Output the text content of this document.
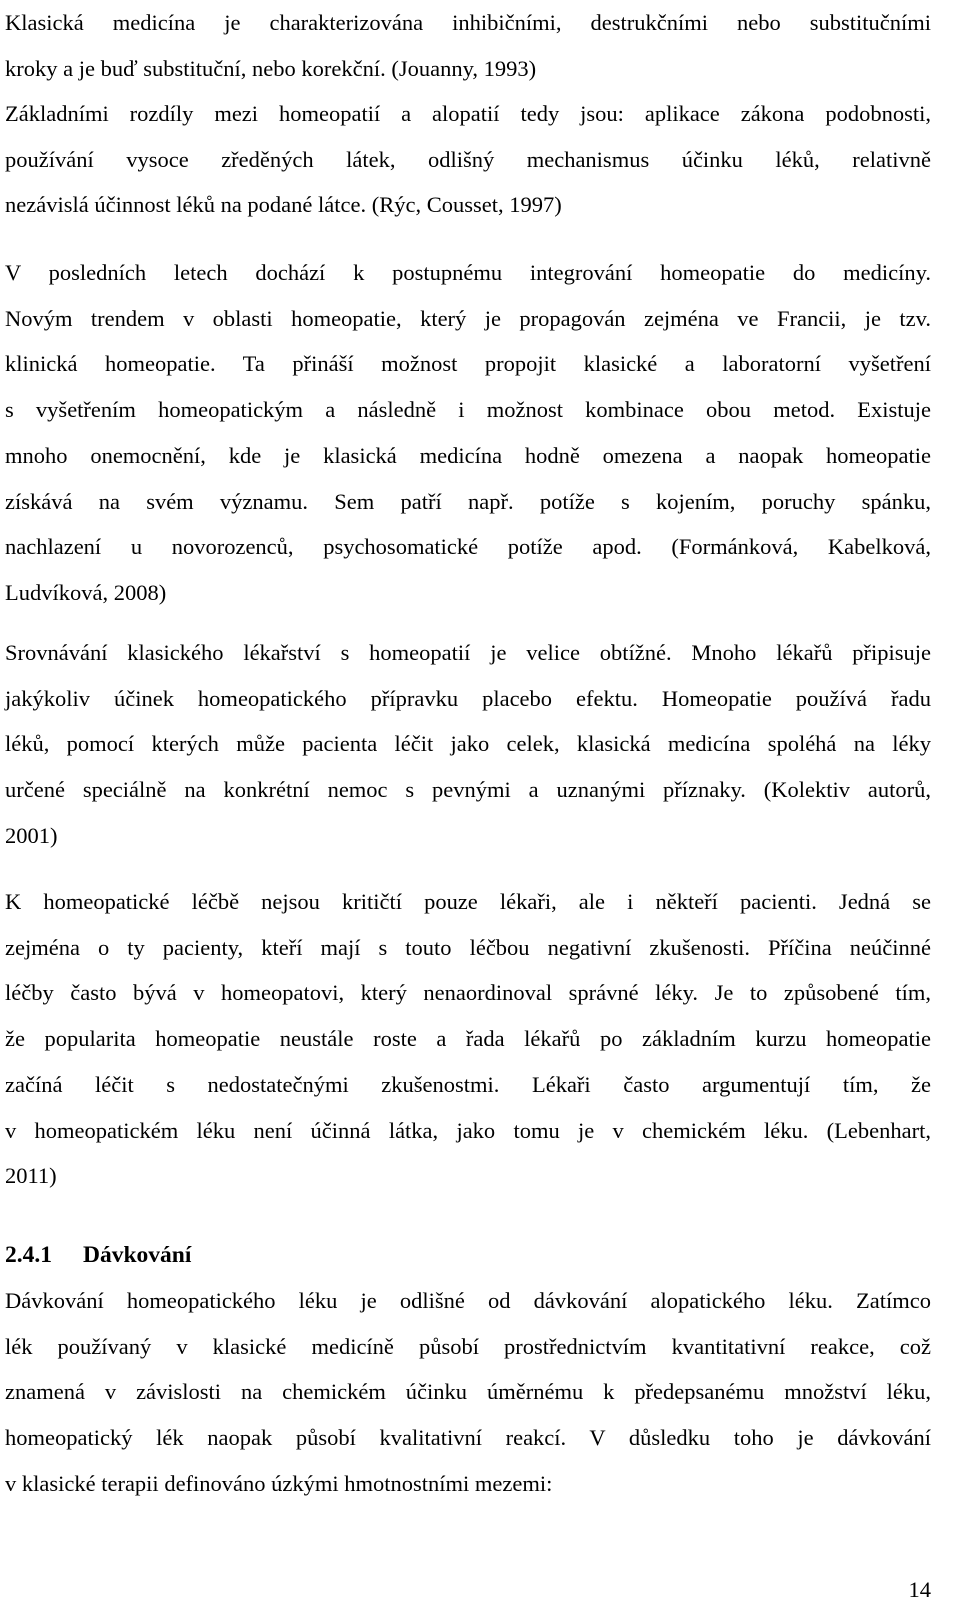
Klasická medicína je charakterizována inhibičními, destrukčními nebo substitučními
kroky a je buď substituční, nebo korekční. (Jouanny, 1993)
Základními rozdíly mezi homeopatií a alopatií tedy jsou: aplikace zákona podobnosti,
používání vysoce zředěných látek, odlišný mechanismus účinku léků, relativně
nezávislá účinnost léků na podané látce. (Rýc, Cousset, 1997)
V posledních letech dochází k postupnému integrování homeopatie do medicíny.
Novým trendem v oblasti homeopatie, který je propagován zejména ve Francii, je tzv.
klinická homeopatie. Ta přináší možnost propojit klasické a laboratorní vyšetření
s vyšetřením homeopatickým a následně i možnost kombinace obou metod. Existuje
mnoho onemocnění, kde je klasická medicína hodně omezena a naopak homeopatie
získává na svém významu. Sem patří např. potíže s kojením, poruchy spánku,
nachlazení u novorozenců, psychosomatické potíže apod. (Formánková, Kabelková,
Ludvíková, 2008)
Srovnávání klasického lékařství s homeopatií je velice obtížné. Mnoho lékařů připisuje
jakýkoliv účinek homeopatického přípravku placebo efektu. Homeopatie používá řadu
léků, pomocí kterých může pacienta léčit jako celek, klasická medicína spoléhá na léky
určené speciálně na konkrétní nemoc s pevnými a uznanými příznaky. (Kolektiv autorů,
2001)
K homeopatické léčbě nejsou kritičtí pouze lékaři, ale i někteří pacienti. Jedná se
zejména o ty pacienty, kteří mají s touto léčbou negativní zkušenosti. Příčina neúčinné
léčby často bývá v homeopatovi, který nenaordinoval správné léky. Je to způsobené tím,
že popularita homeopatie neustále roste a řada lékařů po základním kurzu homeopatie
začíná léčit s nedostatečnými zkušenostmi. Lékaři často argumentují tím, že
v homeopatickém léku není účinná látka, jako tomu je v chemickém léku. (Lebenhart,
2011)
2.4.1 Dávkování
Dávkování homeopatického léku je odlišné od dávkování alopatického léku. Zatímco
lék používaný v klasické medicíně působí prostřednictvím kvantitativní reakce, což
znamená v závislosti na chemickém účinku úměrnému k předepsanému množství léku,
homeopatický lék naopak působí kvalitativní reakcí. V důsledku toho je dávkování
v klasické terapii definováno úzkými hmotnostními mezemi:
14
